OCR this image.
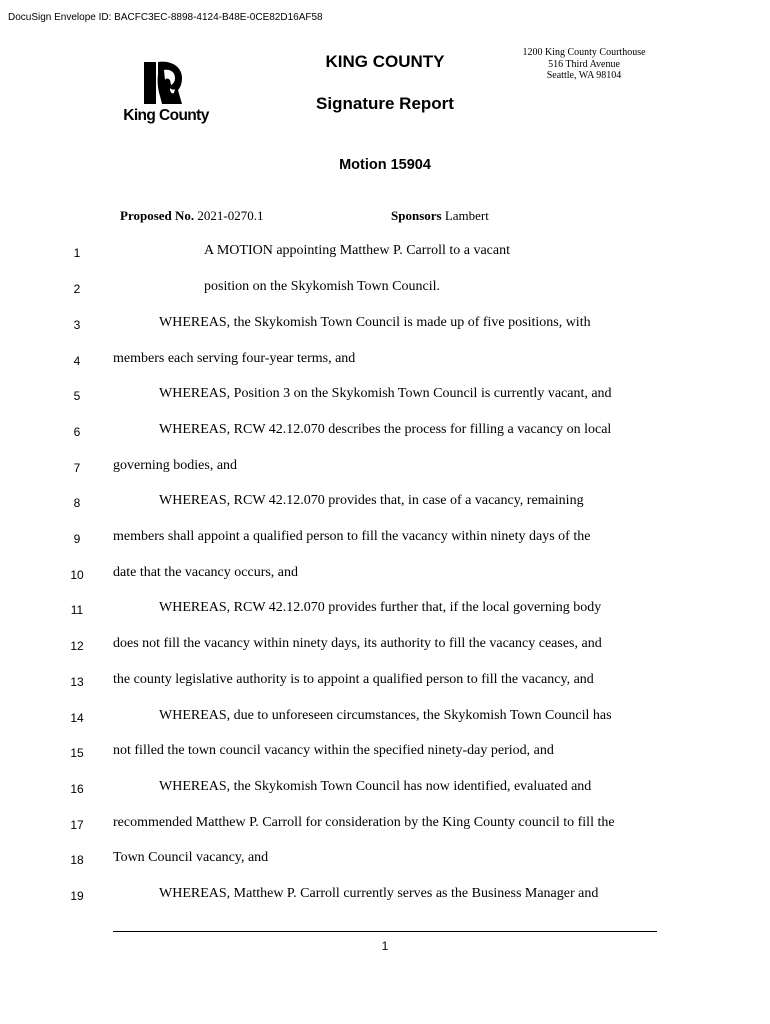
DocuSign Envelope ID: BACFC3EC-8898-4124-B48E-0CE82D16AF58
King County
KING COUNTY
Signature Report
1200 King County Courthouse
516 Third Avenue
Seattle, WA 98104
Motion 15904
Proposed No. 2021-0270.1	Sponsors Lambert
1	A MOTION appointing Matthew P. Carroll to a vacant
2	position on the Skykomish Town Council.
3	WHEREAS, the Skykomish Town Council is made up of five positions, with
4	members each serving four-year terms, and
5	WHEREAS, Position 3 on the Skykomish Town Council is currently vacant, and
6	WHEREAS, RCW 42.12.070 describes the process for filling a vacancy on local
7	governing bodies, and
8	WHEREAS, RCW 42.12.070 provides that, in case of a vacancy, remaining
9	members shall appoint a qualified person to fill the vacancy within ninety days of the
10	date that the vacancy occurs, and
11	WHEREAS, RCW 42.12.070 provides further that, if the local governing body
12	does not fill the vacancy within ninety days, its authority to fill the vacancy ceases, and
13	the county legislative authority is to appoint a qualified person to fill the vacancy, and
14	WHEREAS, due to unforeseen circumstances, the Skykomish Town Council has
15	not filled the town council vacancy within the specified ninety-day period, and
16	WHEREAS, the Skykomish Town Council has now identified, evaluated and
17	recommended Matthew P. Carroll for consideration by the King County council to fill the
18	Town Council vacancy, and
19	WHEREAS, Matthew P. Carroll currently serves as the Business Manager and
1
